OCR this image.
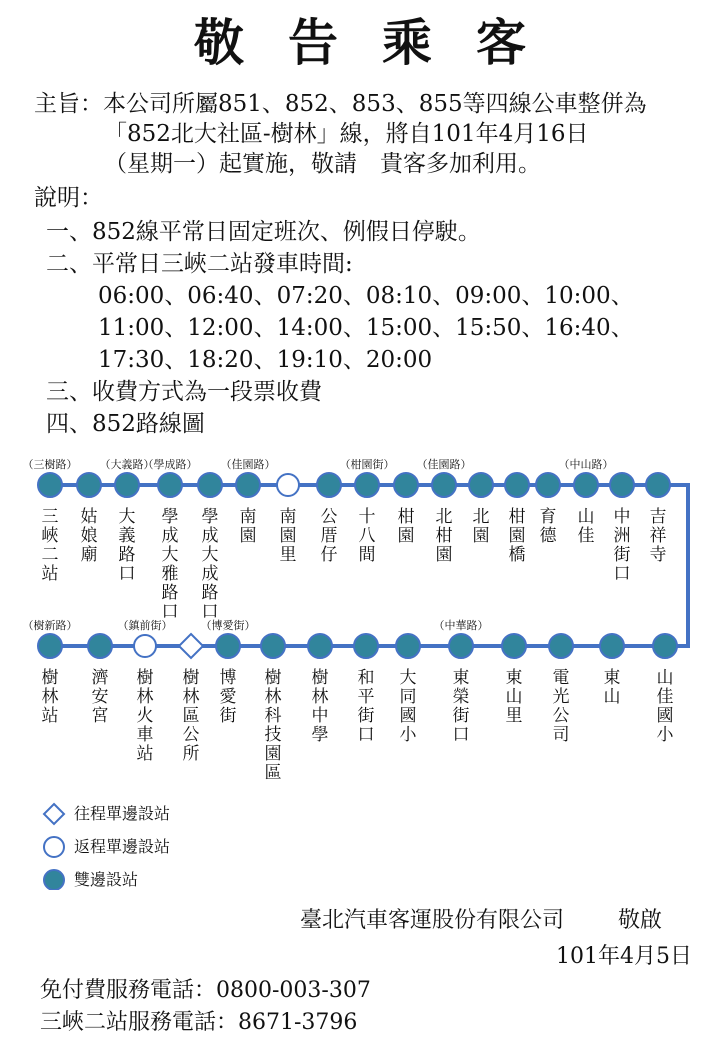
敬告乘客
主旨：本公司所屬851、852、853、855等四線公車整併為
「852北大社區-樹林」線，將自101年4月16日
（星期一）起實施，敬請　貴客多加利用。
說明：
一、852線平常日固定班次、例假日停駛。
二、平常日三峽二站發車時間:
06:00、06:40、07:20、08:10、09:00、10:00、
11:00、12:00、14:00、15:00、15:50、16:40、
17:30、18:20、19:10、20:00
三、收費方式為一段票收費
四、852路線圖
三峽二站
（三樹路）
姑娘廟
大義路口
（大義路）
學成大雅路口
（學成路）
學成大成路口
南園
（佳園路）
南園里
公厝仔
十八間
（柑園街）
柑園
北柑園
（佳園路）
北園
柑園橋
育德
山佳
（中山路）
中洲街口
吉祥寺
樹林站
（樹新路）
濟安宮
樹林火車站
（鎮前街）
樹林區公所
博愛街
（博愛街）
樹林科技園區
樹林中學
和平街口
大同國小
東榮街口
（中華路）
東山里
電光公司
東山
山佳國小
往程單邊設站
返程單邊設站
雙邊設站
臺北汽車客運股份有限公司 敬啟
101年4月5日
免付費服務電話：0800-003-307
三峽二站服務電話：8671-3796
